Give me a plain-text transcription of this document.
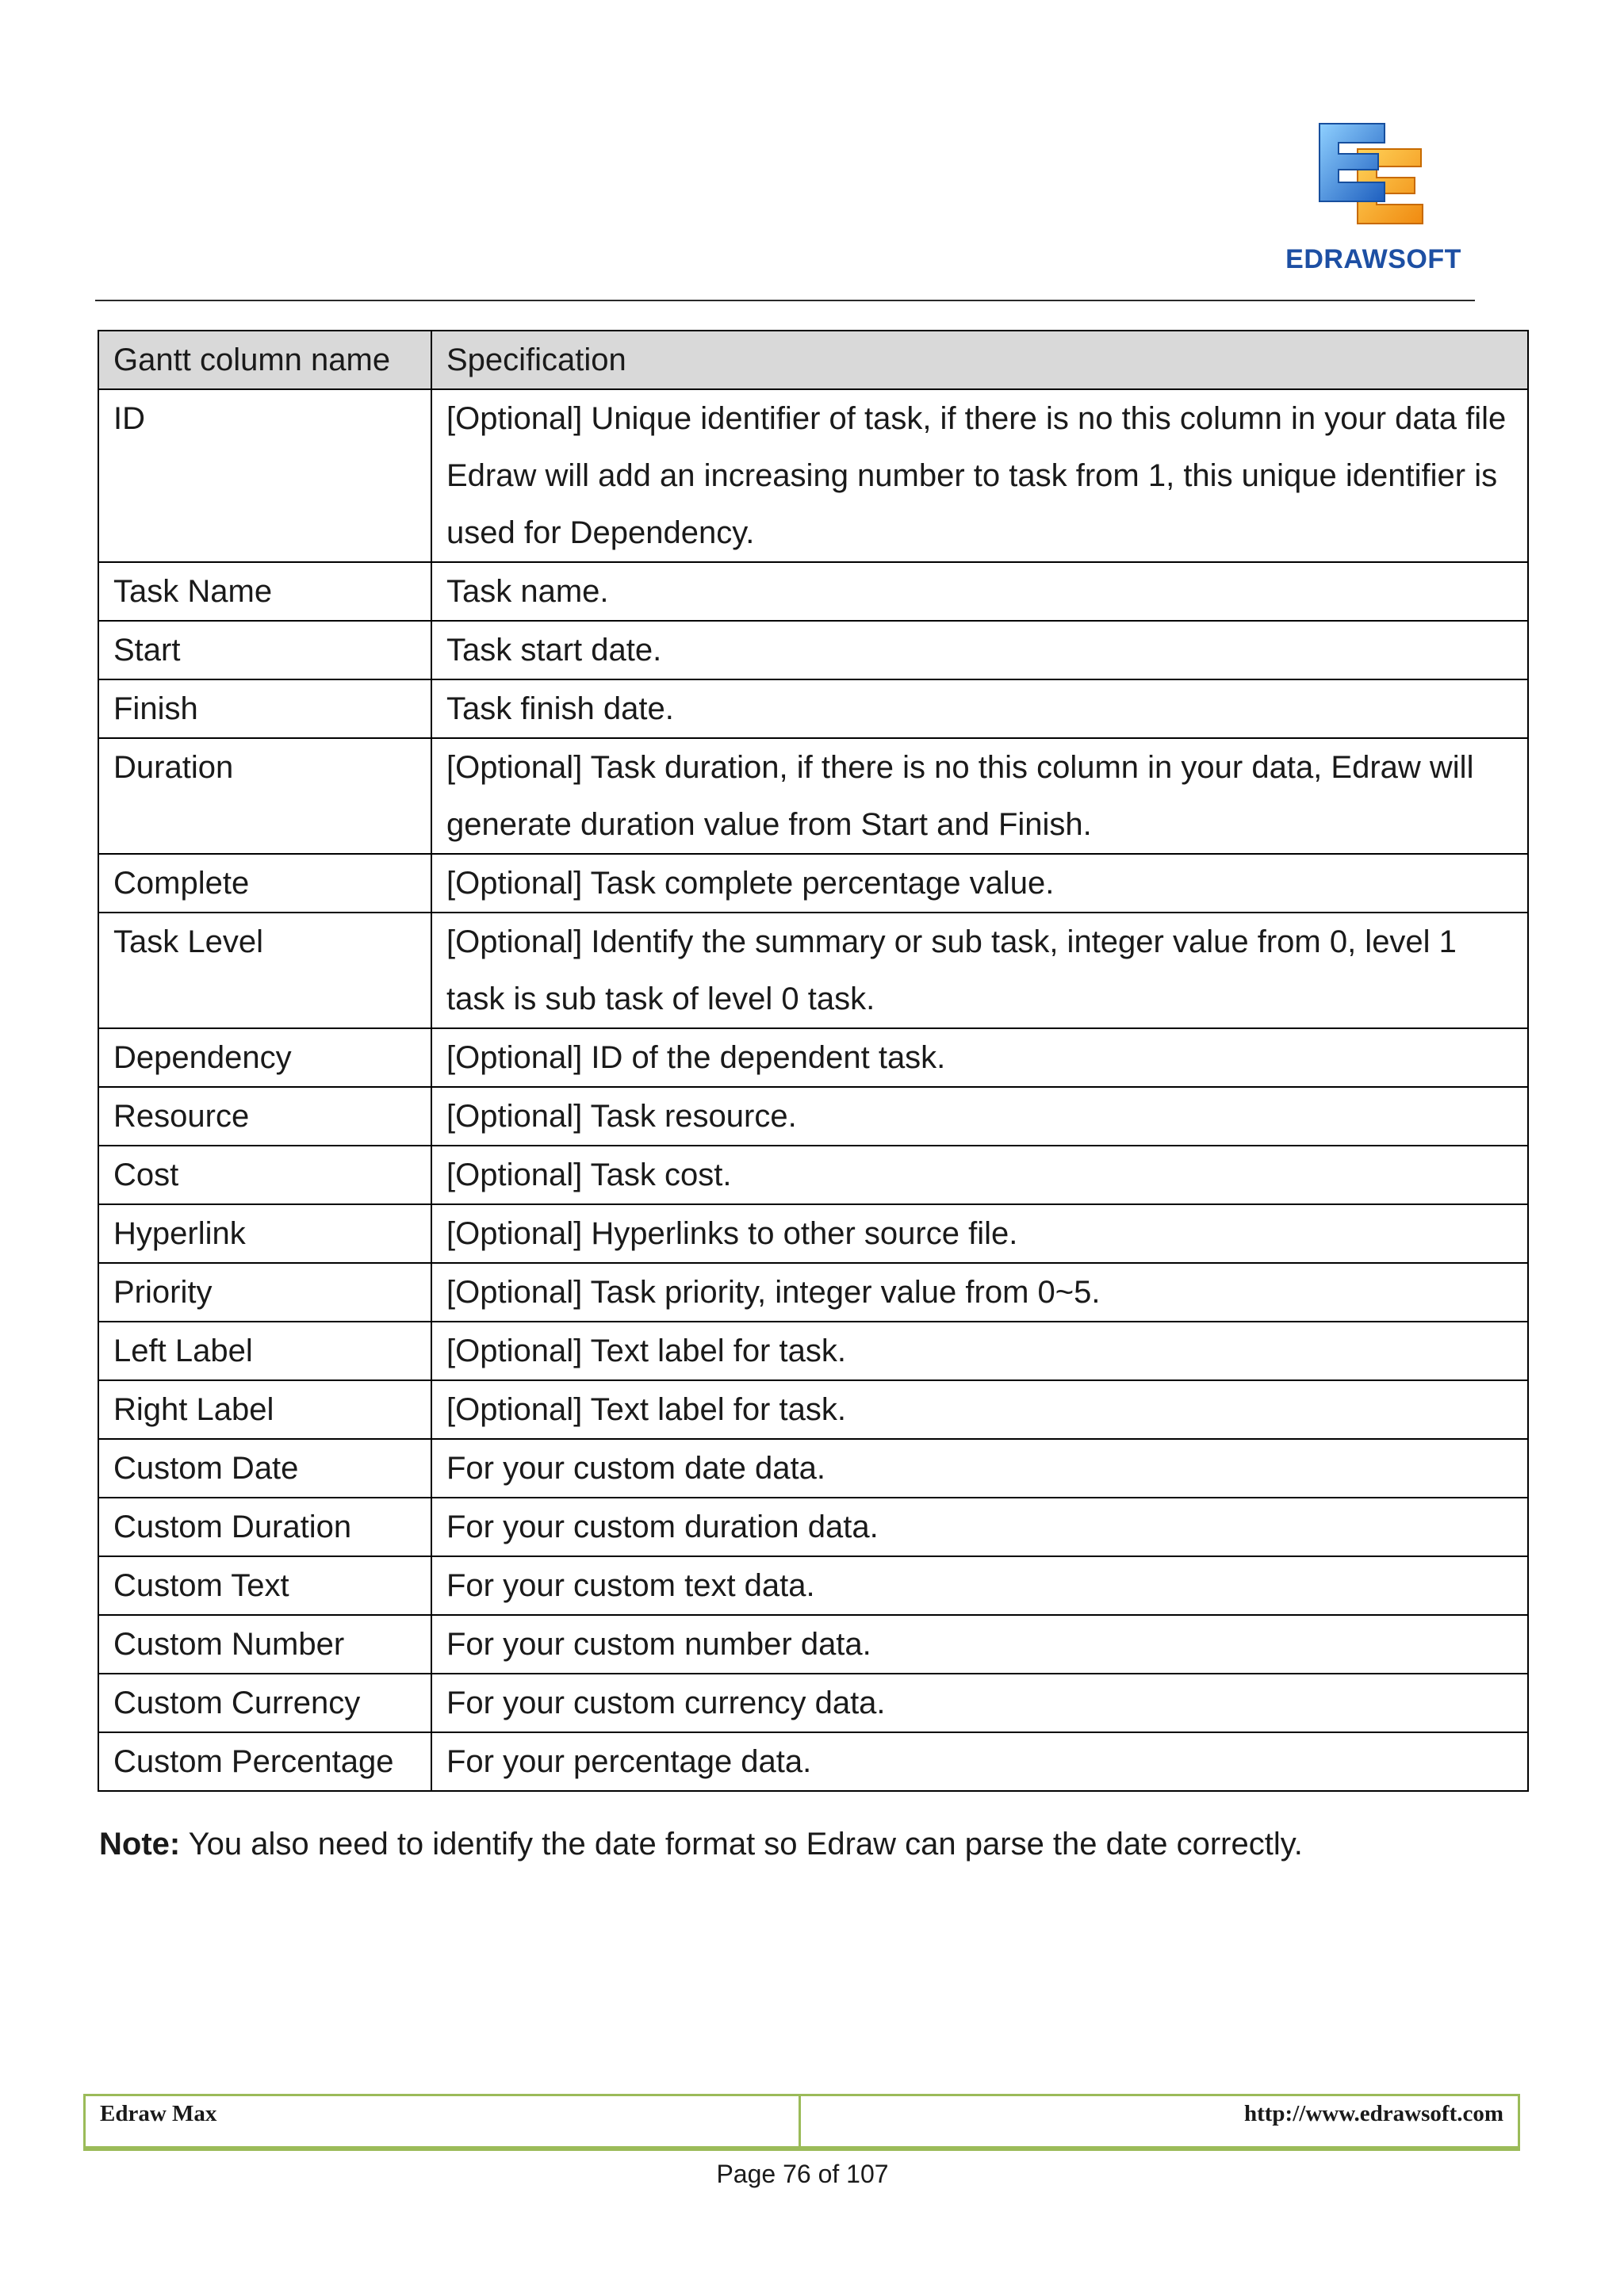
EDRAWSOFT
Gantt column name	Specification
ID	[Optional] Unique identifier of task, if there is no this column in your data file Edraw will add an increasing number to task from 1, this unique identifier is used for Dependency.
Task Name	Task name.
Start	Task start date.
Finish	Task finish date.
Duration	[Optional] Task duration, if there is no this column in your data, Edraw will generate duration value from Start and Finish.
Complete	[Optional] Task complete percentage value.
Task Level	[Optional] Identify the summary or sub task, integer value from 0, level 1 task is sub task of level 0 task.
Dependency	[Optional] ID of the dependent task.
Resource	[Optional] Task resource.
Cost	[Optional] Task cost.
Hyperlink	[Optional] Hyperlinks to other source file.
Priority	[Optional] Task priority, integer value from 0~5.
Left Label	[Optional] Text label for task.
Right Label	[Optional] Text label for task.
Custom Date	For your custom date data.
Custom Duration	For your custom duration data.
Custom Text	For your custom text data.
Custom Number	For your custom number data.
Custom Currency	For your custom currency data.
Custom Percentage	For your percentage data.
Note: You also need to identify the date format so Edraw can parse the date correctly.
Edraw Max	http://www.edrawsoft.com
Page 76 of 107
